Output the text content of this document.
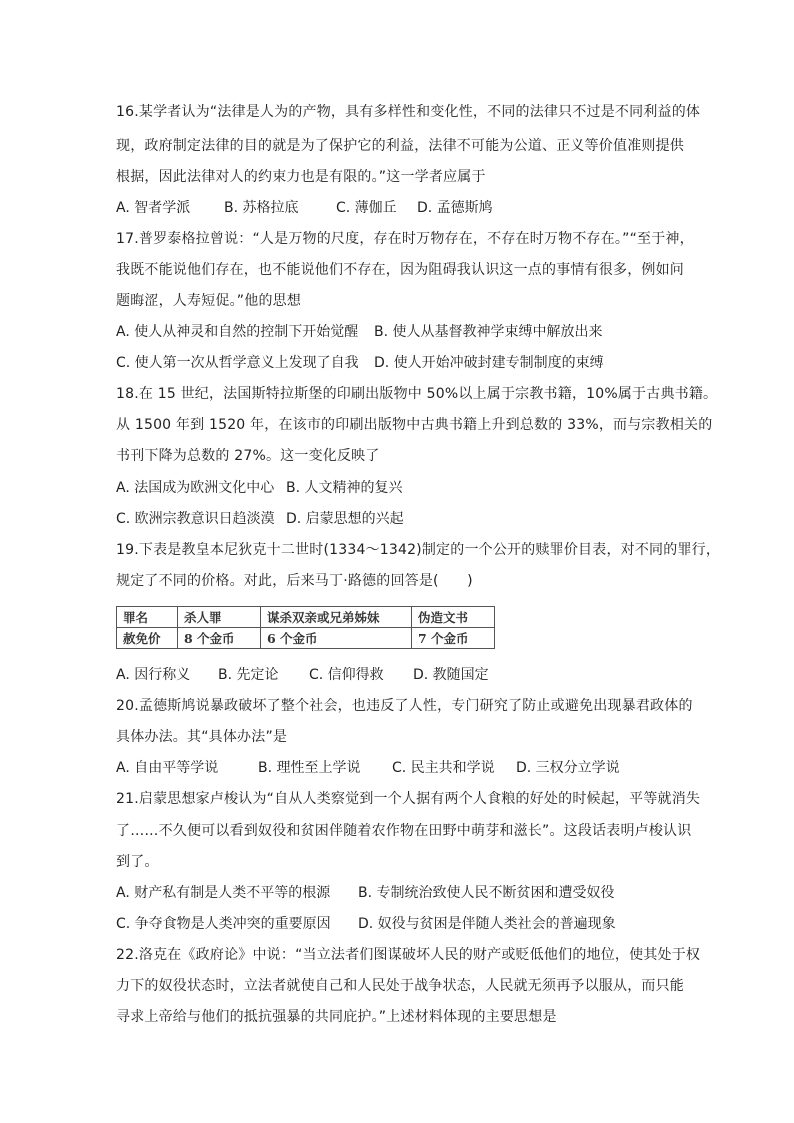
16.某学者认为“法律是人为的产物，具有多样性和变化性，不同的法律只不过是不同利益的体
现，政府制定法律的目的就是为了保护它的利益，法律不可能为公道、正义等价值准则提供
根据，因此法律对人的约束力也是有限的。”这一学者应属于
A. 智者学派 B. 苏格拉底	C. 薄伽丘 D. 孟德斯鸠
17.普罗泰格拉曾说：“人是万物的尺度，存在时万物存在，不存在时万物不存在。”“至于神，
我既不能说他们存在，也不能说他们不存在，因为阻碍我认识这一点的事情有很多，例如问
题晦涩，人寿短促。”他的思想
A. 使人从神灵和自然的控制下开始觉醒 B. 使人从基督教神学束缚中解放出来
C. 使人第一次从哲学意义上发现了自我 D. 使人开始冲破封建专制制度的束缚
18.在 15 世纪，法国斯特拉斯堡的印刷出版物中 50%以上属于宗教书籍，10%属于古典书籍。
从 1500 年到 1520 年，在该市的印刷出版物中古典书籍上升到总数的 33%，而与宗教相关的
书刊下降为总数的 27%。这一变化反映了
A. 法国成为欧洲文化中心 B. 人文精神的复兴
C. 欧洲宗教意识日趋淡漠 D. 启蒙思想的兴起
19.下表是教皇本尼狄克十二世时(1334～1342)制定的一个公开的赎罪价目表，对不同的罪行，
规定了不同的价格。对此，后来马丁·路德的回答是(　　)
罪名	杀人罪	谋杀双亲或兄弟姊妹	伪造文书
赦免价	8 个金币	6 个金币	7 个金币
A. 因行称义 B. 先定论 C. 信仰得救 D. 教随国定
20.孟德斯鸠说暴政破坏了整个社会，也违反了人性，专门研究了防止或避免出现暴君政体的
具体办法。其“具体办法”是
A. 自由平等学说	B. 理性至上学说 C. 民主共和学说 D. 三权分立学说
21.启蒙思想家卢梭认为“自从人类察觉到一个人据有两个人食粮的好处的时候起，平等就消失
了……不久便可以看到奴役和贫困伴随着农作物在田野中萌芽和滋长”。这段话表明卢梭认识
到了。
A. 财产私有制是人类不平等的根源 B. 专制统治致使人民不断贫困和遭受奴役
C. 争夺食物是人类冲突的重要原因 D. 奴役与贫困是伴随人类社会的普遍现象
22.洛克在《政府论》中说：“当立法者们图谋破坏人民的财产或贬低他们的地位，使其处于权
力下的奴役状态时，立法者就使自己和人民处于战争状态，人民就无须再予以服从，而只能
寻求上帝给与他们的抵抗强暴的共同庇护。”上述材料体现的主要思想是
